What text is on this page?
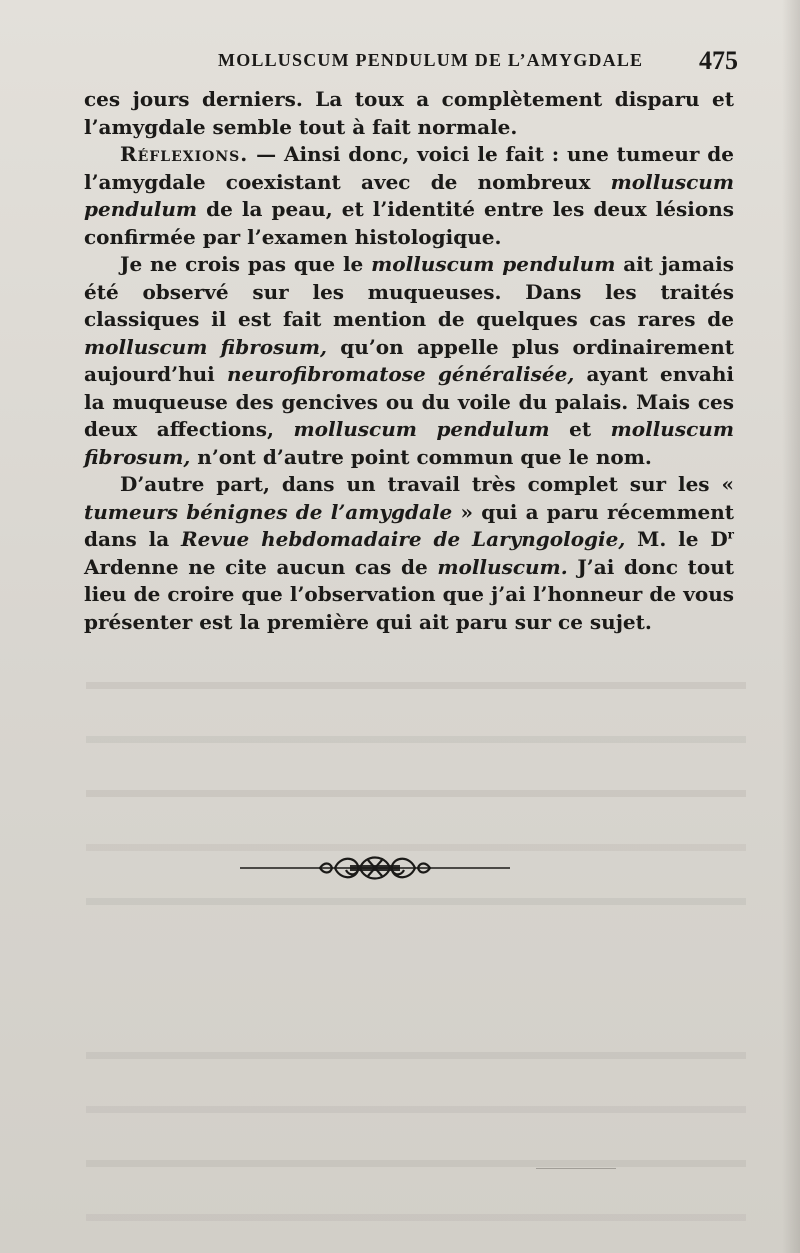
MOLLUSCUM PENDULUM DE L’AMYGDALE 475

ces jours derniers. La toux a complètement disparu et l’amygdale semble tout à fait normale.

Réflexions. — Ainsi donc, voici le fait : une tumeur de l’amygdale coexistant avec de nombreux molluscum pendulum de la peau, et l’identité entre les deux lésions confirmée par l’examen histologique.

Je ne crois pas que le molluscum pendulum ait jamais été observé sur les muqueuses. Dans les traités classiques il est fait mention de quelques cas rares de molluscum fibrosum, qu’on appelle plus ordinairement aujourd’hui neurofibromatose généralisée, ayant envahi la muqueuse des gencives ou du voile du palais. Mais ces deux affections, molluscum pendulum et molluscum fibrosum, n’ont d’autre point commun que le nom.

D’autre part, dans un travail très complet sur les « tumeurs bénignes de l’amygdale » qui a paru récemment dans la Revue hebdomadaire de Laryngologie, M. le $D^r$ Ardenne ne cite aucun cas de molluscum. J’ai donc tout lieu de croire que l’observation que j’ai l’honneur de vous présenter est la première qui ait paru sur ce sujet.
